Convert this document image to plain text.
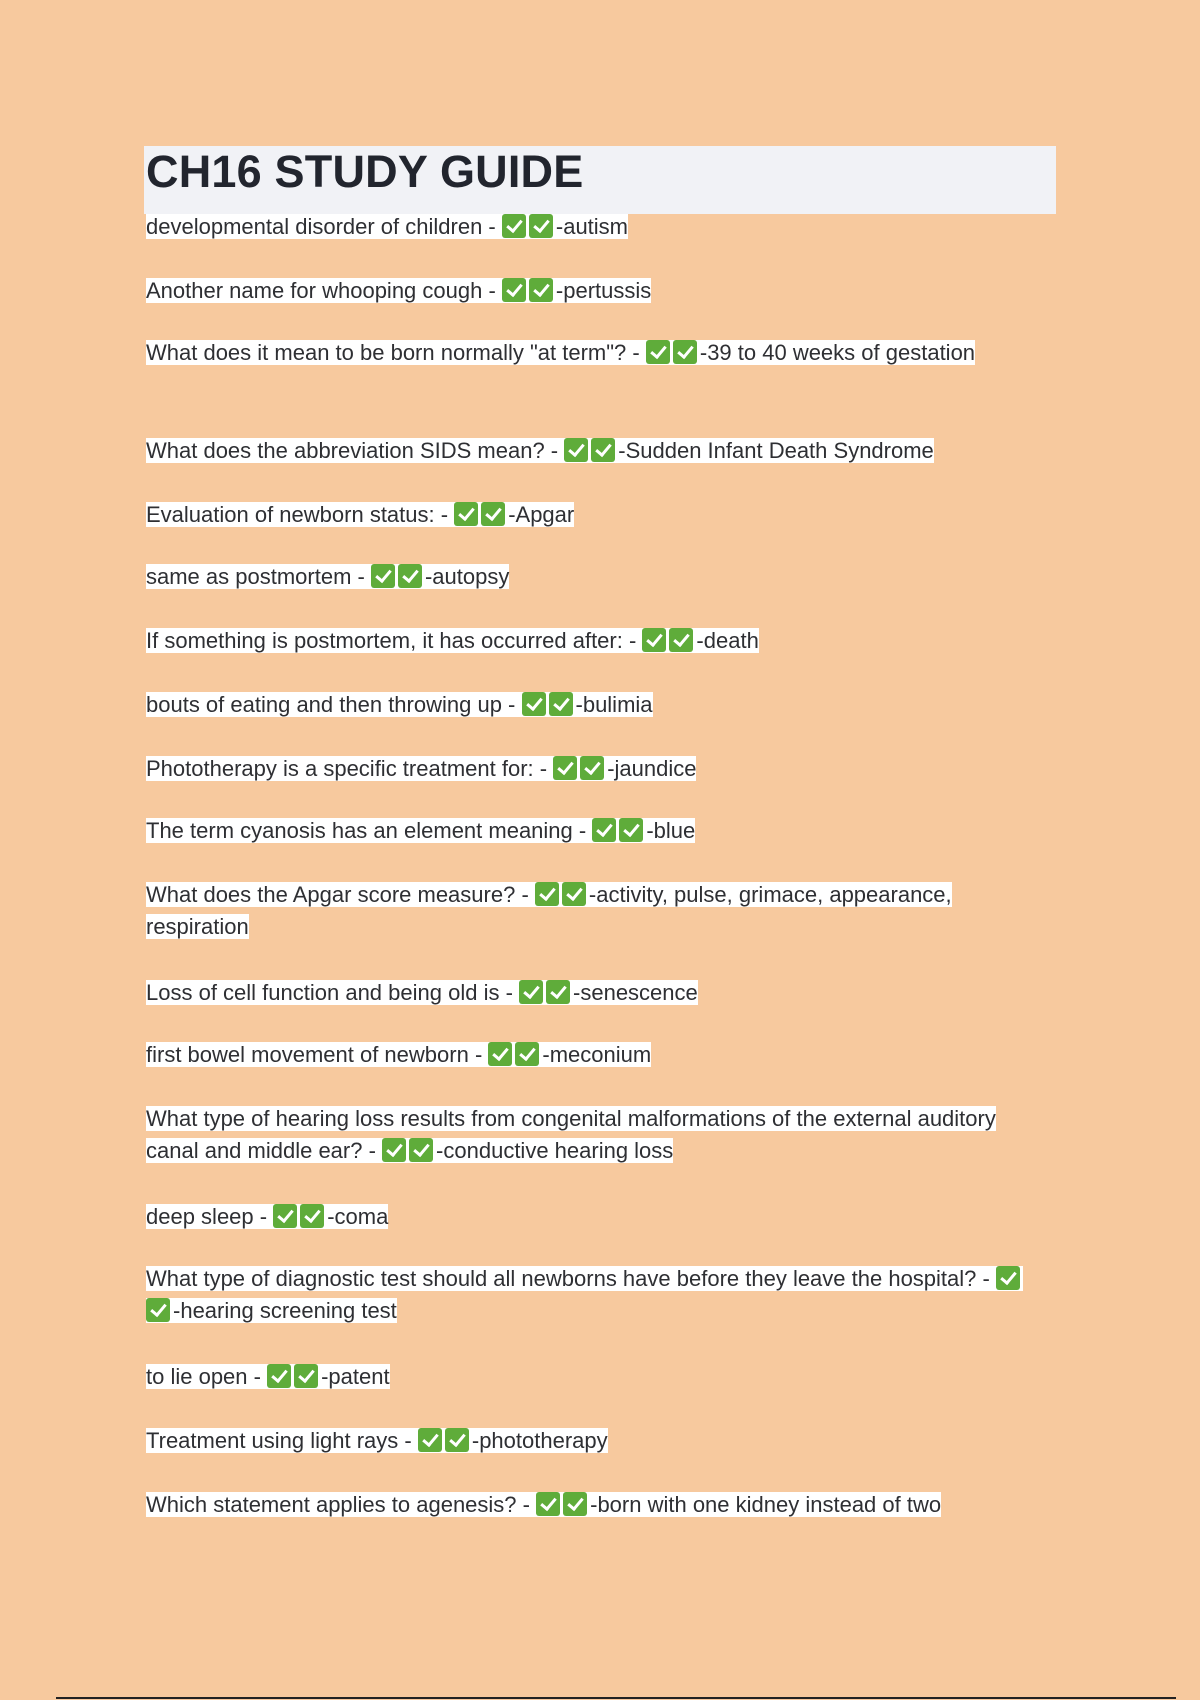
CH16 STUDY GUIDE

developmental disorder of children - -autism

Another name for whooping cough - -pertussis

What does it mean to be born normally "at term"? - -39 to 40 weeks of gestation

What does the abbreviation SIDS mean? - -Sudden Infant Death Syndrome

Evaluation of newborn status: - -Apgar

same as postmortem - -autopsy

If something is postmortem, it has occurred after: - -death

bouts of eating and then throwing up - -bulimia

Phototherapy is a specific treatment for: - -jaundice

The term cyanosis has an element meaning - -blue

What does the Apgar score measure? - -activity, pulse, grimace, appearance, respiration

Loss of cell function and being old is - -senescence

first bowel movement of newborn - -meconium

What type of hearing loss results from congenital malformations of the external auditory canal and middle ear? - -conductive hearing loss

deep sleep - -coma

What type of diagnostic test should all newborns have before they leave the hospital? - -hearing screening test

to lie open - -patent

Treatment using light rays - -phototherapy

Which statement applies to agenesis? - -born with one kidney instead of two
